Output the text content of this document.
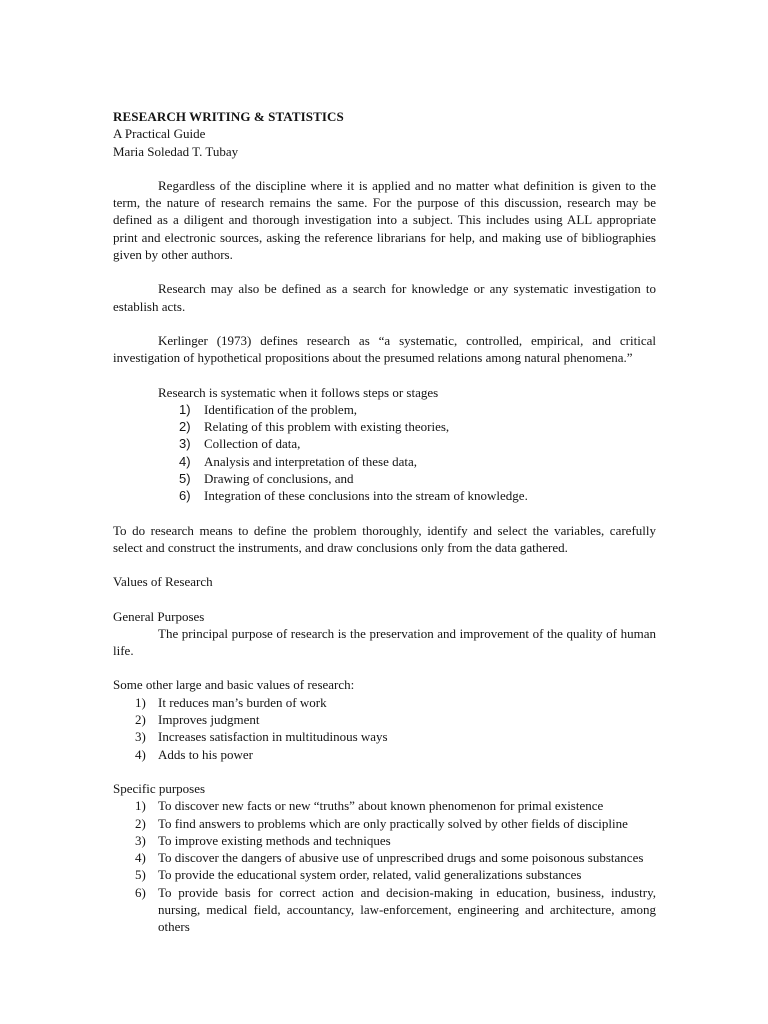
RESEARCH WRITING & STATISTICS
A Practical Guide
Maria Soledad T. Tubay

Regardless of the discipline where it is applied and no matter what definition is given to the term, the nature of research remains the same. For the purpose of this discussion, research may be defined as a diligent and thorough investigation into a subject. This includes using ALL appropriate print and electronic sources, asking the reference librarians for help, and making use of bibliographies given by other authors.

Research may also be defined as a search for knowledge or any systematic investigation to establish acts.

Kerlinger (1973) defines research as “a systematic, controlled, empirical, and critical investigation of hypothetical propositions about the presumed relations among natural phenomena.”

Research is systematic when it follows steps or stages
1) Identification of the problem,
2) Relating of this problem with existing theories,
3) Collection of data,
4) Analysis and interpretation of these data,
5) Drawing of conclusions, and
6) Integration of these conclusions into the stream of knowledge.

To do research means to define the problem thoroughly, identify and select the variables, carefully select and construct the instruments, and draw conclusions only from the data gathered.

Values of Research
General Purposes

The principal purpose of research is the preservation and improvement of the quality of human life.

Some other large and basic values of research:
1) It reduces man’s burden of work
2) Improves judgment
3) Increases satisfaction in multitudinous ways
4) Adds to his power
Specific purposes
1) To discover new facts or new “truths” about known phenomenon for primal existence
2) To find answers to problems which are only practically solved by other fields of discipline
3) To improve existing methods and techniques
4) To discover the dangers of abusive use of unprescribed drugs and some poisonous substances
5) To provide the educational system order, related, valid generalizations substances
6) To provide basis for correct action and decision-making in education, business, industry, nursing, medical field, accountancy, law-enforcement, engineering and architecture, among others
